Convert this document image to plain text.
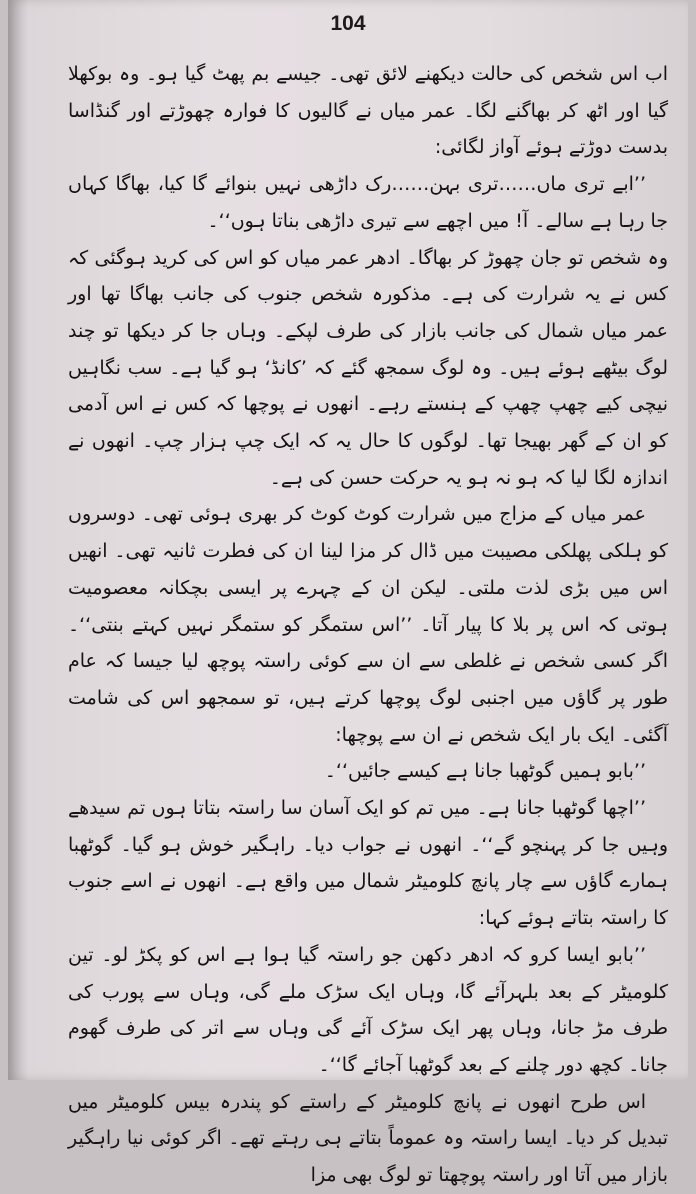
104

اب اس شخص کی حالت دیکھنے لائق تھی۔ جیسے بم پھٹ گیا ہو۔ وہ بوکھلا گیا اور اٹھ کر بھاگنے لگا۔ عمر میاں نے گالیوں کا فوارہ چھوڑتے اور گنڈاسا بدست دوڑتے ہوئے آواز لگائی:

’’ابے تری ماں……تری بہن……رک داڑھی نہیں بنوائے گا کیا، بھاگا کہاں جا رہا ہے سالے۔ آ! میں اچھے سے تیری داڑھی بناتا ہوں‘‘۔

وہ شخص تو جان چھوڑ کر بھاگا۔ ادھر عمر میاں کو اس کی کرید ہوگئی کہ کس نے یہ شرارت کی ہے۔ مذکورہ شخص جنوب کی جانب بھاگا تھا اور عمر میاں شمال کی جانب بازار کی طرف لپکے۔ وہاں جا کر دیکھا تو چند لوگ بیٹھے ہوئے ہیں۔ وہ لوگ سمجھ گئے کہ ’کانڈ‘ ہو گیا ہے۔ سب نگاہیں نیچی کیے چھپ چھپ کے ہنستے رہے۔ انھوں نے پوچھا کہ کس نے اس آدمی کو ان کے گھر بھیجا تھا۔ لوگوں کا حال یہ کہ ایک چپ ہزار چپ۔ انھوں نے اندازہ لگا لیا کہ ہو نہ ہو یہ حرکت حسن کی ہے۔

عمر میاں کے مزاج میں شرارت کوٹ کوٹ کر بھری ہوئی تھی۔ دوسروں کو ہلکی پھلکی مصیبت میں ڈال کر مزا لینا ان کی فطرت ثانیہ تھی۔ انھیں اس میں بڑی لذت ملتی۔ لیکن ان کے چہرے پر ایسی بچکانہ معصومیت ہوتی کہ اس پر بلا کا پیار آتا۔ ’’اس ستمگر کو ستمگر نہیں کہتے بنتی‘‘۔ اگر کسی شخص نے غلطی سے ان سے کوئی راستہ پوچھ لیا جیسا کہ عام طور پر گاؤں میں اجنبی لوگ پوچھا کرتے ہیں، تو سمجھو اس کی شامت آگئی۔ ایک بار ایک شخص نے ان سے پوچھا:

’’بابو ہمیں گوٹھبا جانا ہے کیسے جائیں‘‘۔

’’اچھا گوٹھبا جانا ہے۔ میں تم کو ایک آسان سا راستہ بتاتا ہوں تم سیدھے وہیں جا کر پہنچو گے‘‘۔ انھوں نے جواب دیا۔ راہگیر خوش ہو گیا۔ گوٹھبا ہمارے گاؤں سے چار پانچ کلومیٹر شمال میں واقع ہے۔ انھوں نے اسے جنوب کا راستہ بتاتے ہوئے کہا:

’’بابو ایسا کرو کہ ادھر دکھن جو راستہ گیا ہوا ہے اس کو پکڑ لو۔ تین کلومیٹر کے بعد بلہرآئے گا، وہاں ایک سڑک ملے گی، وہاں سے پورب کی طرف مڑ جانا، وہاں پھر ایک سڑک آئے گی وہاں سے اتر کی طرف گھوم جانا۔ کچھ دور چلنے کے بعد گوٹھبا آجائے گا‘‘۔

اس طرح انھوں نے پانچ کلومیٹر کے راستے کو پندرہ بیس کلومیٹر میں تبدیل کر دیا۔ ایسا راستہ وہ عموماً بتاتے ہی رہتے تھے۔ اگر کوئی نیا راہگیر بازار میں آتا اور راستہ پوچھتا تو لوگ بھی مزا
